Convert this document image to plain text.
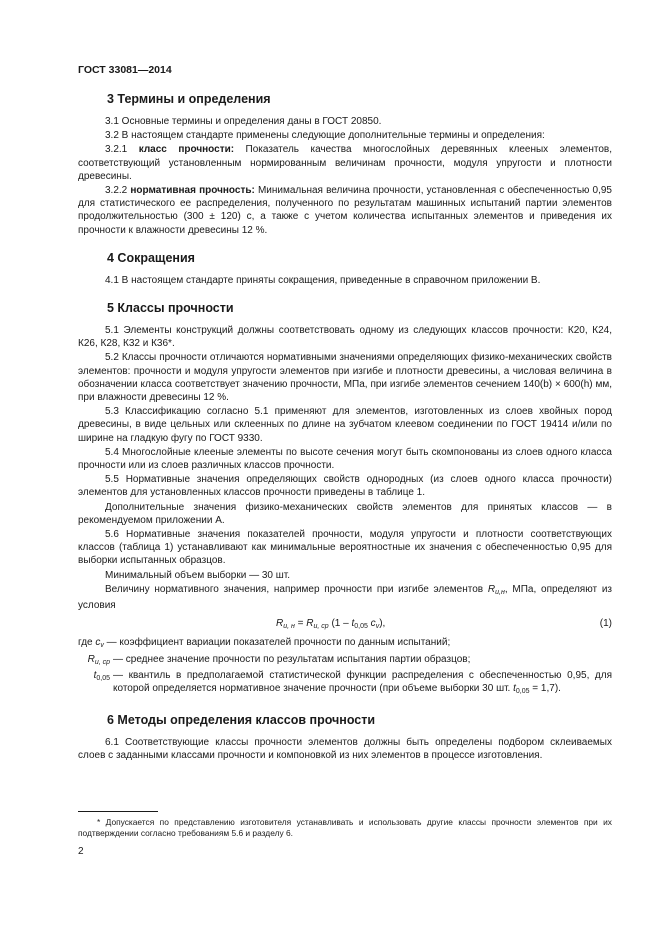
ГОСТ 33081—2014
3 Термины и определения

3.1 Основные термины и определения даны в ГОСТ 20850.

3.2 В настоящем стандарте применены следующие дополнительные термины и определения:

3.2.1 класс прочности: Показатель качества многослойных деревянных клееных элементов, соответствующий установленным нормированным величинам прочности, модуля упругости и плотности древесины.

3.2.2 нормативная прочность: Минимальная величина прочности, установленная с обеспеченностью 0,95 для статистического ее распределения, полученного по результатам машинных испытаний партии элементов продолжительностью (300 ± 120) с, а также с учетом количества испытанных элементов и приведения их прочности к влажности древесины 12 %.

4 Сокращения

4.1 В настоящем стандарте приняты сокращения, приведенные в справочном приложении В.

5 Классы прочности

5.1 Элементы конструкций должны соответствовать одному из следующих классов прочности: К20, К24, К26, К28, К32 и К36*.

5.2 Классы прочности отличаются нормативными значениями определяющих физико-механических свойств элементов: прочности и модуля упругости элементов при изгибе и плотности древесины, а числовая величина в обозначении класса соответствует значению прочности, МПа, при изгибе элементов сечением 140(b) × 600(h) мм, при влажности древесины 12 %.

5.3 Классификацию согласно 5.1 применяют для элементов, изготовленных из слоев хвойных пород древесины, в виде цельных или склеенных по длине на зубчатом клеевом соединении по ГОСТ 19414 и/или по ширине на гладкую фугу по ГОСТ 9330.

5.4 Многослойные клееные элементы по высоте сечения могут быть скомпонованы из слоев одного класса прочности или из слоев различных классов прочности.

5.5 Нормативные значения определяющих свойств однородных (из слоев одного класса прочности) элементов для установленных классов прочности приведены в таблице 1.

Дополнительные значения физико-механических свойств элементов для принятых классов — в рекомендуемом приложении А.

5.6 Нормативные значения показателей прочности, модуля упругости и плотности соответствующих классов (таблица 1) устанавливают как минимальные вероятностные их значения с обеспеченностью 0,95 для выборки испытанных образцов.

Минимальный объем выборки — 30 шт.

Величину нормативного значения, например прочности при изгибе элементов $R_{u,н}$, МПа, определяют из условия

$R_{u, н} = R_{u, ср}$ ($1 - t_{0,05}$ $c_v$),	(1)
где $c_v$ — коэффициент вариации показателей прочности по данным испытаний;
$R_{u, ср}$ — среднее значение прочности по результатам испытания партии образцов;
$t_{0,05}$ — квантиль в предполагаемой статистической функции распределения с обеспеченностью 0,95, для которой определяется нормативное значение прочности (при объеме выборки 30 шт. $t_{0,05} = 1,7$).
6 Методы определения классов прочности

6.1 Соответствующие классы прочности элементов должны быть определены подбором склеиваемых слоев с заданными классами прочности и компоновкой из них элементов в процессе изготовления.

* Допускается по представлению изготовителя устанавливать и использовать другие классы прочности элементов при их подтверждении согласно требованиям 5.6 и разделу 6.
2
